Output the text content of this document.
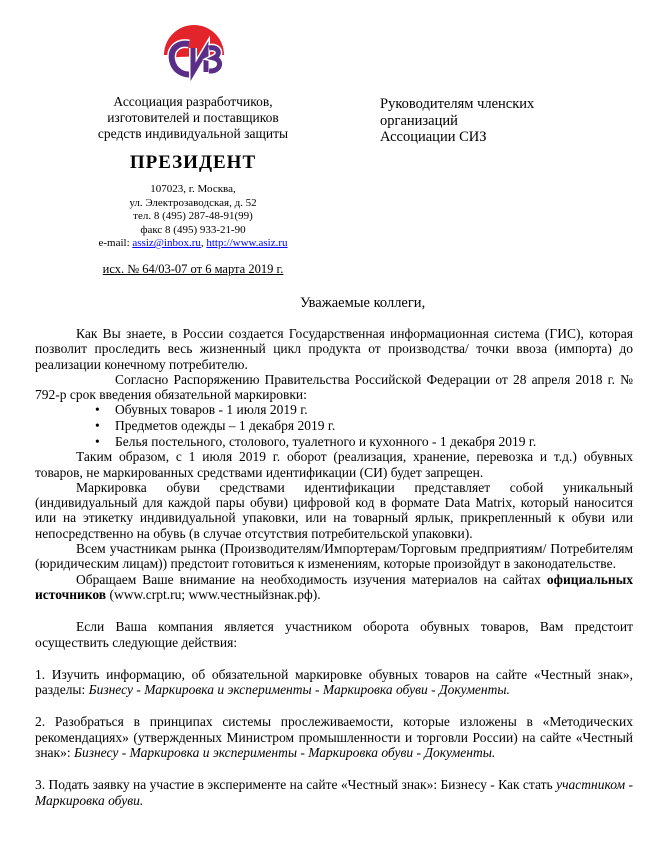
Ассоциация разработчиков,
изготовителей и поставщиков
средств индивидуальной защиты
ПРЕЗИДЕНТ
107023, г. Москва,
ул. Электрозаводская, д. 52
тел. 8 (495) 287-48-91(99)
факс 8 (495) 933-21-90
e-mail: assiz@inbox.ru, http://www.asiz.ru
исх. № 64/03-07 от 6 марта 2019 г.
Руководителям членских
организаций
Ассоциации СИЗ
Уважаемые коллеги,

Как Вы знаете, в России создается Государственная информационная система (ГИС), которая позволит проследить весь жизненный цикл продукта от производства/ точки ввоза (импорта) до реализации конечному потребителю.

Согласно Распоряжению Правительства Российской Федерации от 28 апреля 2018 г. № 792-р срок введения обязательной маркировки:

• Обувных товаров - 1 июля 2019 г.
• Предметов одежды – 1 декабря 2019 г.
• Белья постельного, столового, туалетного и кухонного - 1 декабря 2019 г.

Таким образом, с 1 июля 2019 г. оборот (реализация, хранение, перевозка и т.д.) обувных товаров, не маркированных средствами идентификации (СИ) будет запрещен.

Маркировка обуви средствами идентификации представляет собой уникальный (индивидуальный для каждой пары обуви) цифровой код в формате Data Matrix, который наносится или на этикетку индивидуальной упаковки, или на товарный ярлык, прикрепленный к обуви или непосредственно на обувь (в случае отсутствия потребительской упаковки).

Всем участникам рынка (Производителям/Импортерам/Торговым предприятиям/ Потребителям (юридическим лицам)) предстоит готовиться к изменениям, которые произойдут в законодательстве.

Обращаем Ваше внимание на необходимость изучения материалов на сайтах официальных источников (www.crpt.ru; www.честныйзнак.рф).

Если Ваша компания является участником оборота обувных товаров, Вам предстоит осуществить следующие действия:

1. Изучить информацию, об обязательной маркировке обувных товаров на сайте «Честный знак», разделы: Бизнесу - Маркировка и эксперименты - Маркировка обуви - Документы.

2. Разобраться в принципах системы прослеживаемости, которые изложены в «Методических рекомендациях» (утвержденных Министром промышленности и торговли России) на сайте «Честный знак»: Бизнесу - Маркировка и эксперименты - Маркировка обуви - Документы.

3. Подать заявку на участие в эксперименте на сайте «Честный знак»: Бизнесу - Как стать участником - Маркировка обуви.
